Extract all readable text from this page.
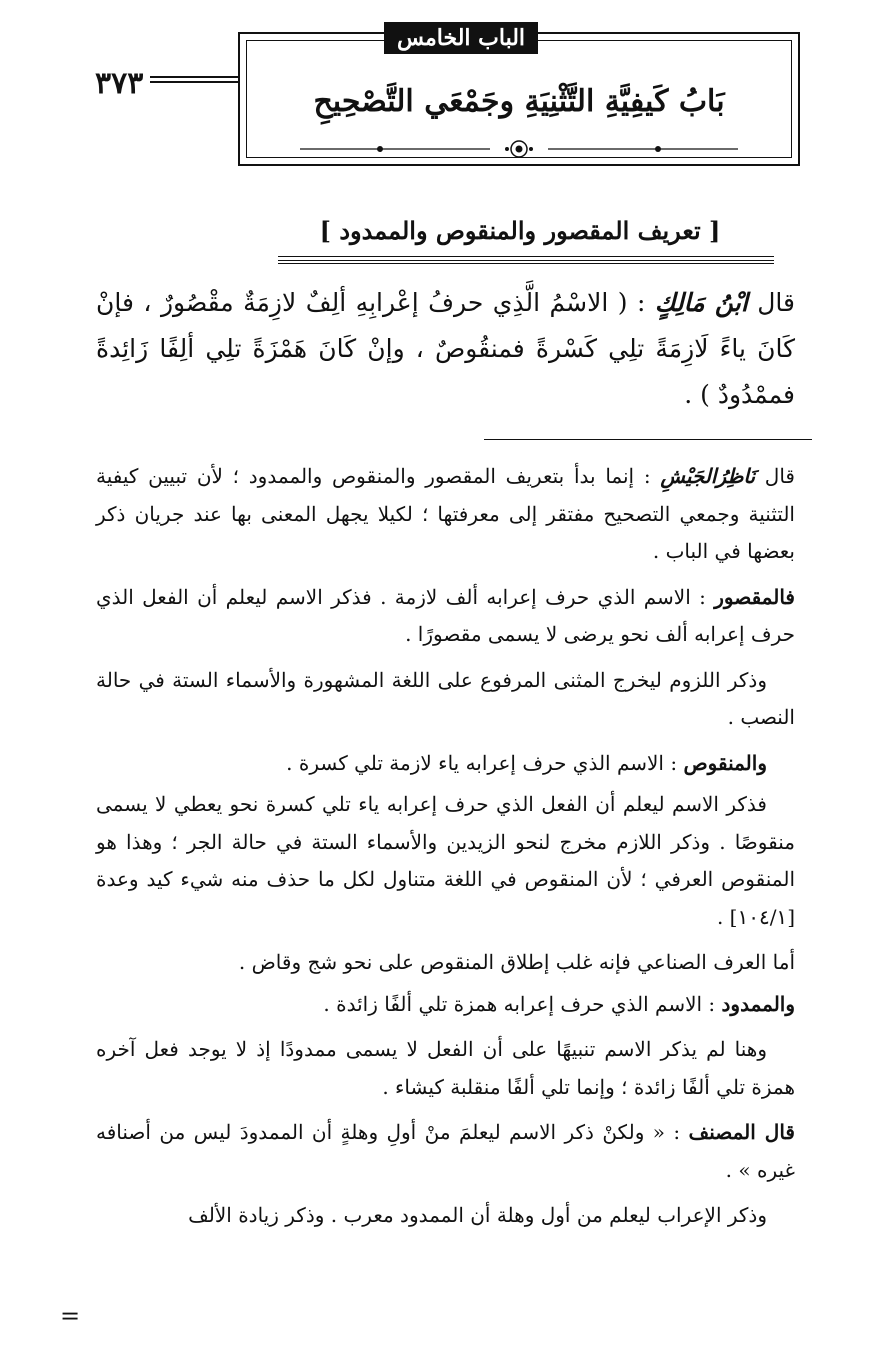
٣٧٣
الباب الخامس
بَابُ كَيفِيَّةِ التَّثْنِيَةِ وجَمْعَي التَّصْحِيحِ
[ تعريف المقصور والمنقوص والممدود ]
قال ابْنُ مَالِكٍ : ( الاسْمُ الَّذِي حرفُ إعْرابِهِ ألِفٌ لازِمَةٌ مقْصُورٌ ، فإنْ كَانَ ياءً لَازِمَةً تلِي كَسْرةً فمنقُوصٌ ، وإنْ كَانَ هَمْزَةً تلِي ألِفًا زَائِدةً فممْدُودٌ ) .

قال نَاظِرُالجَيْشِ : إنما بدأ بتعريف المقصور والمنقوص والممدود ؛ لأن تبيين كيفية التثنية وجمعي التصحيح مفتقر إلى معرفتها ؛ لكيلا يجهل المعنى بها عند جريان ذكر بعضها في الباب .

فالمقصور : الاسم الذي حرف إعرابه ألف لازمة . فذكر الاسم ليعلم أن الفعل الذي حرف إعرابه ألف نحو يرضى لا يسمى مقصورًا .

وذكر اللزوم ليخرج المثنى المرفوع على اللغة المشهورة والأسماء الستة في حالة النصب .

والمنقوص : الاسم الذي حرف إعرابه ياء لازمة تلي كسرة .

فذكر الاسم ليعلم أن الفعل الذي حرف إعرابه ياء تلي كسرة نحو يعطي لا يسمى منقوصًا . وذكر اللازم مخرج لنحو الزيدين والأسماء الستة في حالة الجر ؛ وهذا هو المنقوص العرفي ؛ لأن المنقوص في اللغة متناول لكل ما حذف منه شيء كيد وعدة [١٠٤/١] .

أما العرف الصناعي فإنه غلب إطلاق المنقوص على نحو شج وقاض .

والممدود : الاسم الذي حرف إعرابه همزة تلي ألفًا زائدة .

وهنا لم يذكر الاسم تنبيهًا على أن الفعل لا يسمى ممدودًا إذ لا يوجد فعل آخره همزة تلي ألفًا زائدة ؛ وإنما تلي ألفًا منقلبة كيشاء .

قال المصنف : « ولكنْ ذكر الاسم ليعلمَ منْ أولِ وهلةٍ أن الممدودَ ليس من أصنافه غيره » .

وذكر الإعراب ليعلم من أول وهلة أن الممدود معرب . وذكر زيادة الألف

=
